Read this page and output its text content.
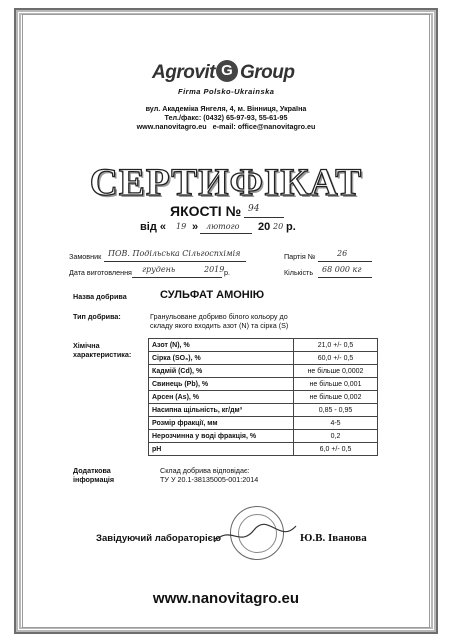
Agrovit G Group
Firma Polsko-Ukrainska
вул. Академіка Янгеля, 4, м. Вінниця, Україна
Тел./факс: (0432) 65-97-93, 55-61-95
www.nanovitagro.eu   e-mail: office@nanovitagro.eu
СЕРТИФІКАТ
ЯКОСТІ № 94
від « 19 » лютого 20 20 р.
Замовник ПОВ. Подільська Сільгоспхімія	Партія №	26
Дата виготовлення грудень	2019 р.	Кількість 68 000 кг
Назва добрива	СУЛЬФАТ АМОНІЮ
Тип добрива:	Гранульоване добриво білого кольору до
складу якого входить азот (N) та сірка (S)
Хімічна
характеристика:
Азот (N), %	21,0 +/- 0,5
Сірка (SO₃), %	60,0 +/- 0,5
Кадмій (Cd), %	не більше 0,0002
Свинець (Pb), %	не більше 0,001
Арсен (As), %	не більше 0,002
Насипна щільність, кг/дм³	0,85 - 0,95
Розмір фракції, мм	4-5
Нерозчинна у воді фракція, %	0,2
pH	6,0 +/- 0,5
Додаткова
інформація
Склад добрива відповідає:
ТУ У 20.1-38135005-001:2014
Завідуючий лабораторією	Ю.В. Іванова
www.nanovitagro.eu
